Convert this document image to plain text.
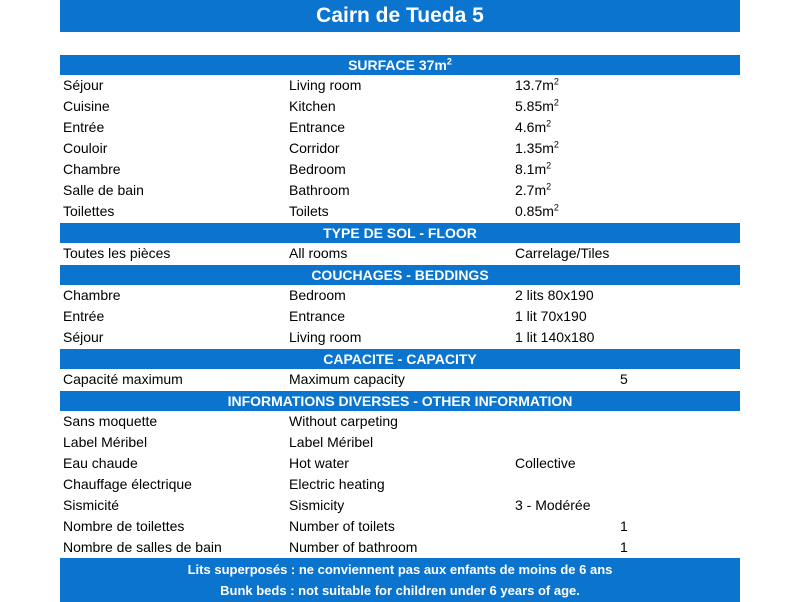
Cairn de Tueda 5
SURFACE $37m^2$
Séjour	Living room	$13.7m^2$
Cuisine	Kitchen	$5.85m^2$
Entrée	Entrance	$4.6m^2$
Couloir	Corridor	$1.35m^2$
Chambre	Bedroom	$8.1m^2$
Salle de bain	Bathroom	$2.7m^2$
Toilettes	Toilets	$0.85m^2$
TYPE DE SOL - FLOOR
Toutes les pièces	All rooms	Carrelage/Tiles
COUCHAGES - BEDDINGS
Chambre	Bedroom	2 lits 80x190
Entrée	Entrance	1 lit 70x190
Séjour	Living room	1 lit 140x180
CAPACITE - CAPACITY
Capacité maximum	Maximum capacity	5
INFORMATIONS DIVERSES - OTHER INFORMATION
Sans moquette	Without carpeting
Label Méribel	Label Méribel
Eau chaude	Hot water	Collective
Chauffage électrique	Electric heating
Sismicité	Sismicity	3 - Modérée
Nombre de toilettes	Number of toilets	1
Nombre de salles de bain	Number of bathroom	1
Lits superposés : ne conviennent pas aux enfants de moins de 6 ans
Bunk beds : not suitable for children under 6 years of age.
